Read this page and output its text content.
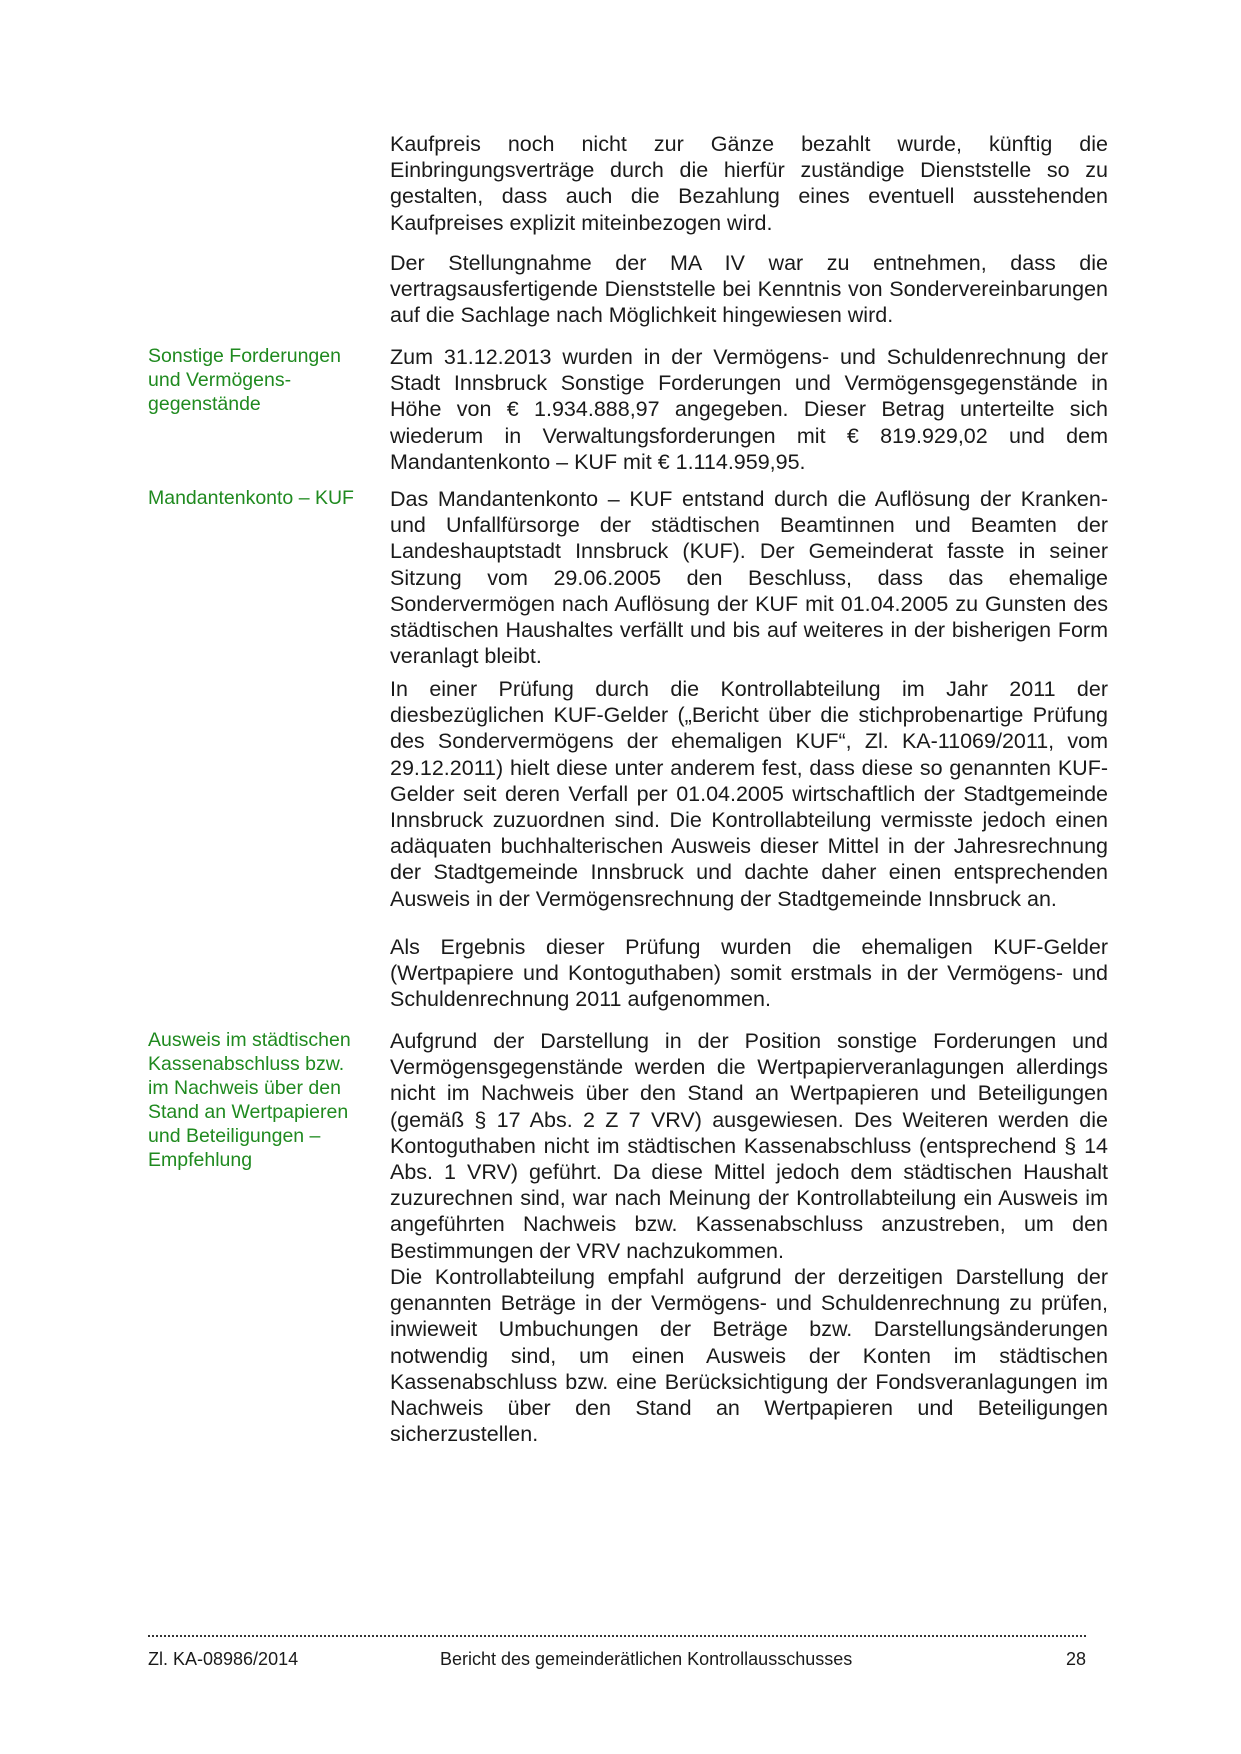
Kaufpreis noch nicht zur Gänze bezahlt wurde, künftig die Einbringungsverträge durch die hierfür zuständige Dienststelle so zu gestalten, dass auch die Bezahlung eines eventuell ausstehenden Kaufpreises explizit miteinbezogen wird.
Der Stellungnahme der MA IV war zu entnehmen, dass die vertragsausfertigende Dienststelle bei Kenntnis von Sondervereinbarungen auf die Sachlage nach Möglichkeit hingewiesen wird.
Sonstige Forderungen
und Vermögens-
gegenstände
Zum 31.12.2013 wurden in der Vermögens- und Schuldenrechnung der Stadt Innsbruck Sonstige Forderungen und Vermögensgegenstände in Höhe von € 1.934.888,97 angegeben. Dieser Betrag unterteilte sich wiederum in Verwaltungsforderungen mit € 819.929,02 und dem Mandantenkonto – KUF mit € 1.114.959,95.
Mandantenkonto – KUF	Das Mandantenkonto – KUF entstand durch die Auflösung der Kranken- und Unfallfürsorge der städtischen Beamtinnen und Beamten der Landeshauptstadt Innsbruck (KUF). Der Gemeinderat fasste in seiner Sitzung vom 29.06.2005 den Beschluss, dass das ehemalige Sondervermögen nach Auflösung der KUF mit 01.04.2005 zu Gunsten des städtischen Haushaltes verfällt und bis auf weiteres in der bisherigen Form veranlagt bleibt.
In einer Prüfung durch die Kontrollabteilung im Jahr 2011 der diesbezüglichen KUF-Gelder („Bericht über die stichprobenartige Prüfung des Sondervermögens der ehemaligen KUF“, Zl. KA-11069/2011, vom 29.12.2011) hielt diese unter anderem fest, dass diese so genannten KUF-Gelder seit deren Verfall per 01.04.2005 wirtschaftlich der Stadtgemeinde Innsbruck zuzuordnen sind. Die Kontrollabteilung vermisste jedoch einen adäquaten buchhalterischen Ausweis dieser Mittel in der Jahresrechnung der Stadtgemeinde Innsbruck und dachte daher einen entsprechenden Ausweis in der Vermögensrechnung der Stadtgemeinde Innsbruck an.
Als Ergebnis dieser Prüfung wurden die ehemaligen KUF-Gelder (Wertpapiere und Kontoguthaben) somit erstmals in der Vermögens- und Schuldenrechnung 2011 aufgenommen.
Ausweis im städtischen
Kassenabschluss bzw.
im Nachweis über den
Stand an Wertpapieren
und Beteiligungen –
Empfehlung
Aufgrund der Darstellung in der Position sonstige Forderungen und Vermögensgegenstände werden die Wertpapierveranlagungen allerdings nicht im Nachweis über den Stand an Wertpapieren und Beteiligungen (gemäß § 17 Abs. 2 Z 7 VRV) ausgewiesen. Des Weiteren werden die Kontoguthaben nicht im städtischen Kassenabschluss (entsprechend § 14 Abs. 1 VRV) geführt. Da diese Mittel jedoch dem städtischen Haushalt zuzurechnen sind, war nach Meinung der Kontrollabteilung ein Ausweis im angeführten Nachweis bzw. Kassenabschluss anzustreben, um den Bestimmungen der VRV nachzukommen.
Die Kontrollabteilung empfahl aufgrund der derzeitigen Darstellung der genannten Beträge in der Vermögens- und Schuldenrechnung zu prüfen, inwieweit Umbuchungen der Beträge bzw. Darstellungsänderungen notwendig sind, um einen Ausweis der Konten im städtischen Kassenabschluss bzw. eine Berücksichtigung der Fondsveranlagungen im Nachweis über den Stand an Wertpapieren und Beteiligungen sicherzustellen.
Zl. KA-08986/2014	Bericht des gemeinderätlichen Kontrollausschusses	28
